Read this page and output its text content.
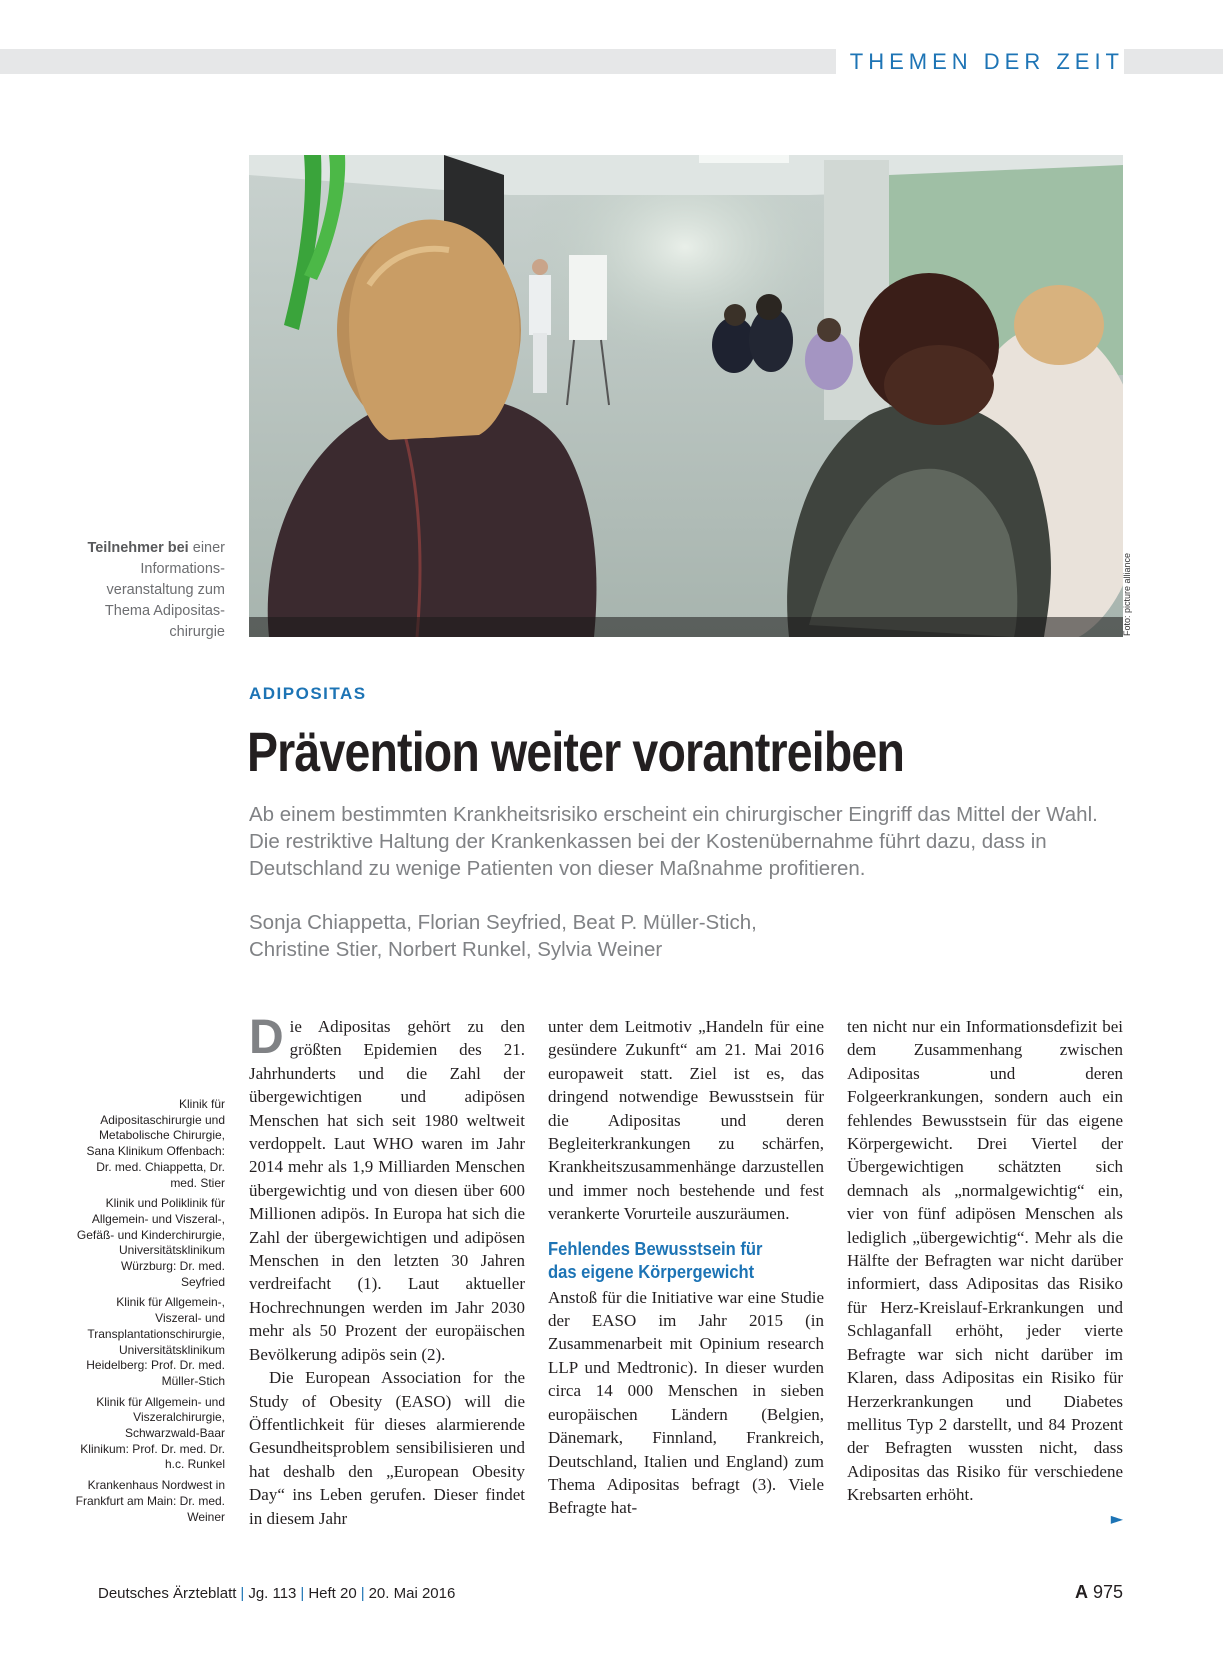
THEMEN DER ZEIT
Foto: picture alliance
Teilnehmer bei einer Informations-veranstaltung zum Thema Adipositas-chirurgie
ADIPOSITAS
Prävention weiter vorantreiben
Ab einem bestimmten Krankheitsrisiko erscheint ein chirurgischer Eingriff das Mittel der Wahl. Die restriktive Haltung der Krankenkassen bei der Kostenübernahme führt dazu, dass in Deutschland zu wenige Patienten von dieser Maßnahme profitieren.
Sonja Chiappetta, Florian Seyfried, Beat P. Müller-Stich,
Christine Stier, Norbert Runkel, Sylvia Weiner

Klinik für Adipositaschirurgie und Metabolische Chirurgie, Sana Klinikum Offenbach: Dr. med. Chiappetta, Dr. med. Stier

Klinik und Poliklinik für Allgemein- und Viszeral-, Gefäß- und Kinderchirurgie, Universitätsklinikum Würzburg: Dr. med. Seyfried

Klinik für Allgemein-, Viszeral- und Transplantationschirurgie, Universitätsklinikum Heidelberg: Prof. Dr. med. Müller-Stich

Klinik für Allgemein- und Viszeralchirurgie, Schwarzwald-Baar Klinikum: Prof. Dr. med. Dr. h.c. Runkel

Krankenhaus Nordwest in Frankfurt am Main: Dr. med. Weiner

Die Adipositas gehört zu den größten Epidemien des 21. Jahrhunderts und die Zahl der übergewichtigen und adipösen Menschen hat sich seit 1980 weltweit verdoppelt. Laut WHO waren im Jahr 2014 mehr als 1,9 Milliarden Menschen übergewichtig und von diesen über 600 Millionen adipös. In Europa hat sich die Zahl der übergewichtigen und adipösen Menschen in den letzten 30 Jahren verdreifacht (1). Laut aktueller Hochrechnungen werden im Jahr 2030 mehr als 50 Prozent der europäischen Bevölkerung adipös sein (2).

Die European Association for the Study of Obesity (EASO) will die Öffentlichkeit für dieses alarmierende Gesundheitsproblem sensibilisieren und hat deshalb den „European Obesity Day“ ins Leben gerufen. Dieser findet in diesem Jahr

unter dem Leitmotiv „Handeln für eine gesündere Zukunft“ am 21. Mai 2016 europaweit statt. Ziel ist es, das dringend notwendige Bewusstsein für die Adipositas und deren Begleiterkrankungen zu schärfen, Krankheitszusammenhänge darzustellen und immer noch bestehende und fest verankerte Vorurteile auszuräumen.

Fehlendes Bewusstsein für
das eigene Körpergewicht

Anstoß für die Initiative war eine Studie der EASO im Jahr 2015 (in Zusammenarbeit mit Opinium research LLP und Medtronic). In dieser wurden circa 14 000 Menschen in sieben europäischen Ländern (Belgien, Dänemark, Finnland, Frankreich, Deutschland, Italien und England) zum Thema Adipositas befragt (3). Viele Befragte hat-

ten nicht nur ein Informationsdefizit bei dem Zusammenhang zwischen Adipositas und deren Folgeerkrankungen, sondern auch ein fehlendes Bewusstsein für das eigene Körpergewicht. Drei Viertel der Übergewichtigen schätzten sich demnach als „normalgewichtig“ ein, vier von fünf adipösen Menschen als lediglich „übergewichtig“. Mehr als die Hälfte der Befragten war nicht darüber informiert, dass Adipositas das Risiko für Herz-Kreislauf-Erkrankungen und Schlaganfall erhöht, jeder vierte Befragte war sich nicht darüber im Klaren, dass Adipositas ein Risiko für Herzerkrankungen und Diabetes mellitus Typ 2 darstellt, und 84 Prozent der Befragten wussten nicht, dass Adipositas das Risiko für verschiedene Krebsarten erhöht.

►
Deutsches Ärzteblatt | Jg. 113 | Heft 20 | 20. Mai 2016	A 975
